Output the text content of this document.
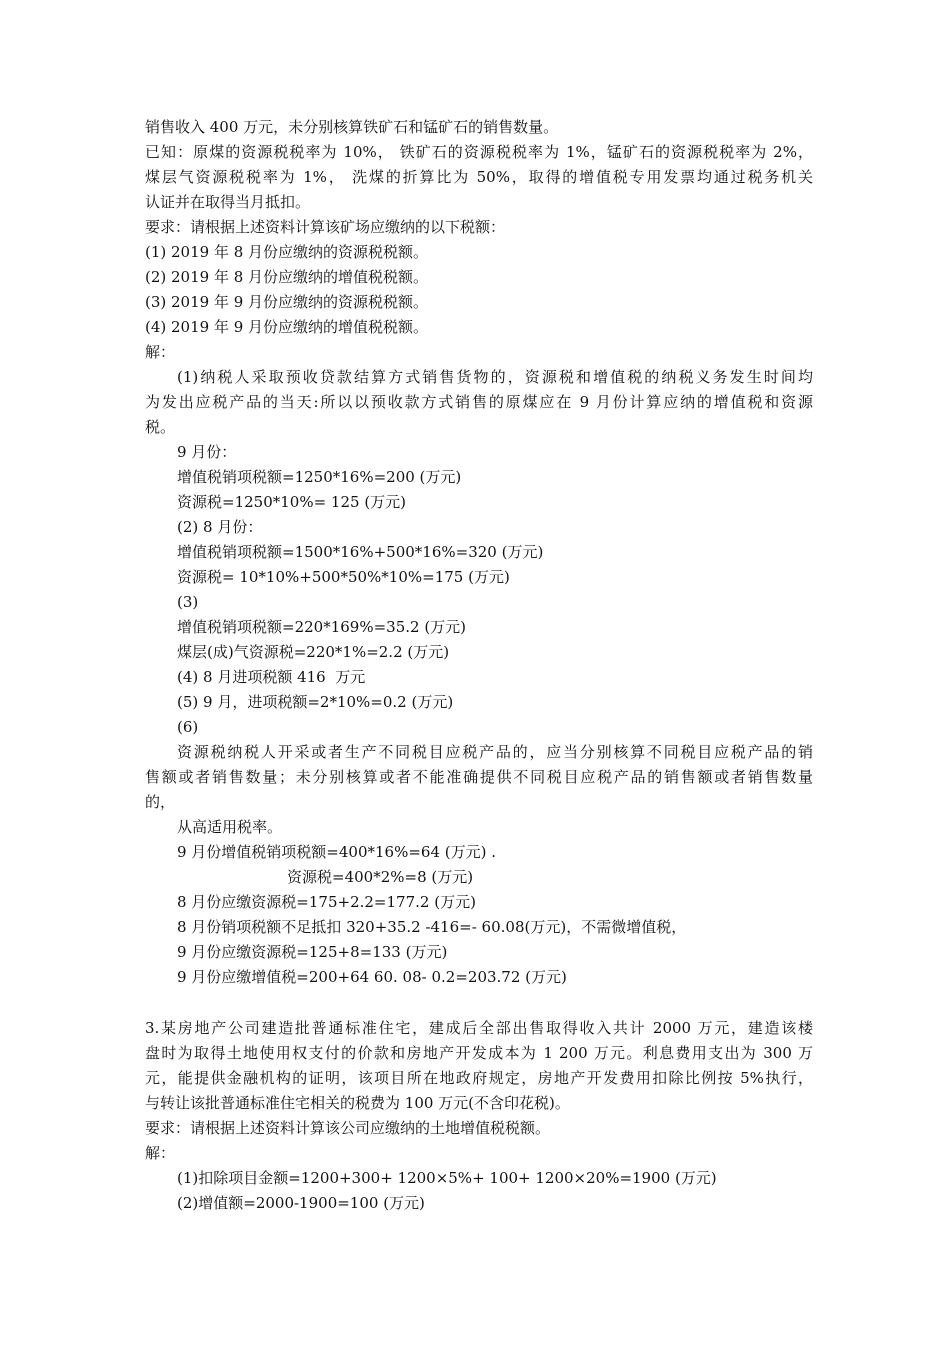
销售收入 400 万元，未分别核算铁矿石和锰矿石的销售数量。
已知：原煤的资源税税率为 10%， 铁矿石的资源税税率为 1%，锰矿石的资源税税率为 2%，
煤层气资源税税率为 1%， 洗煤的折算比为 50%，取得的增值税专用发票均通过税务机关
认证并在取得当月抵扣。
要求：请根据上述资料计算该矿场应缴纳的以下税额：
(1) 2019 年 8 月份应缴纳的资源税税额。
(2) 2019 年 8 月份应缴纳的增值税税额。
(3) 2019 年 9 月份应缴纳的资源税税额。
(4) 2019 年 9 月份应缴纳的增值税税额。
解：
(1)纳税人采取预收贷款结算方式销售货物的，资源税和增值税的纳税义务发生时间均
为发出应税产品的当天:所以以预收款方式销售的原煤应在 9 月份计算应纳的增值税和资源
税。
9 月份：
增值税销项税额=1250*16%=200 (万元)
资源税=1250*10%= 125 (万元)
(2) 8 月份：
增值税销项税额=1500*16%+500*16%=320 (万元)
资源税= 10*10%+500*50%*10%=175 (万元)
(3)
增值税销项税额=220*169%=35.2 (万元)
煤层(成)气资源税=220*1%=2.2 (万元)
(4) 8 月进项税额 416  万元
(5) 9 月，进项税额=2*10%=0.2 (万元)
(6)
资源税纳税人开采或者生产不同税目应税产品的，应当分别核算不同税目应税产品的销
售额或者销售数量；未分别核算或者不能准确提供不同税目应税产品的销售额或者销售数量
的，
从高适用税率。
9 月份增值税销项税额=400*16%=64 (万元) .
资源税=400*2%=8 (万元)
8 月份应缴资源税=175+2.2=177.2 (万元)
8 月份销项税额不足抵扣 320+35.2 -416=- 60.08(万元)，不需微增值税，
9 月份应缴资源税=125+8=133 (万元)
9 月份应缴增值税=200+64 60. 08- 0.2=203.72 (万元)
3.某房地产公司建造批普通标准住宅，建成后全部出售取得收入共计 2000 万元，建造该楼
盘时为取得土地使用权支付的价款和房地产开发成本为 1 200 万元。利息费用支出为 300 万
元，能提供金融机构的证明，该项目所在地政府规定，房地产开发费用扣除比例按 5%执行，
与转让该批普通标准住宅相关的税费为 100 万元(不含印花税)。
要求：请根据上述资料计算该公司应缴纳的土地增值税税额。
解：
(1)扣除项目金额=1200+300+ 1200×5%+ 100+ 1200×20%=1900 (万元)
(2)增值额=2000-1900=100 (万元)
